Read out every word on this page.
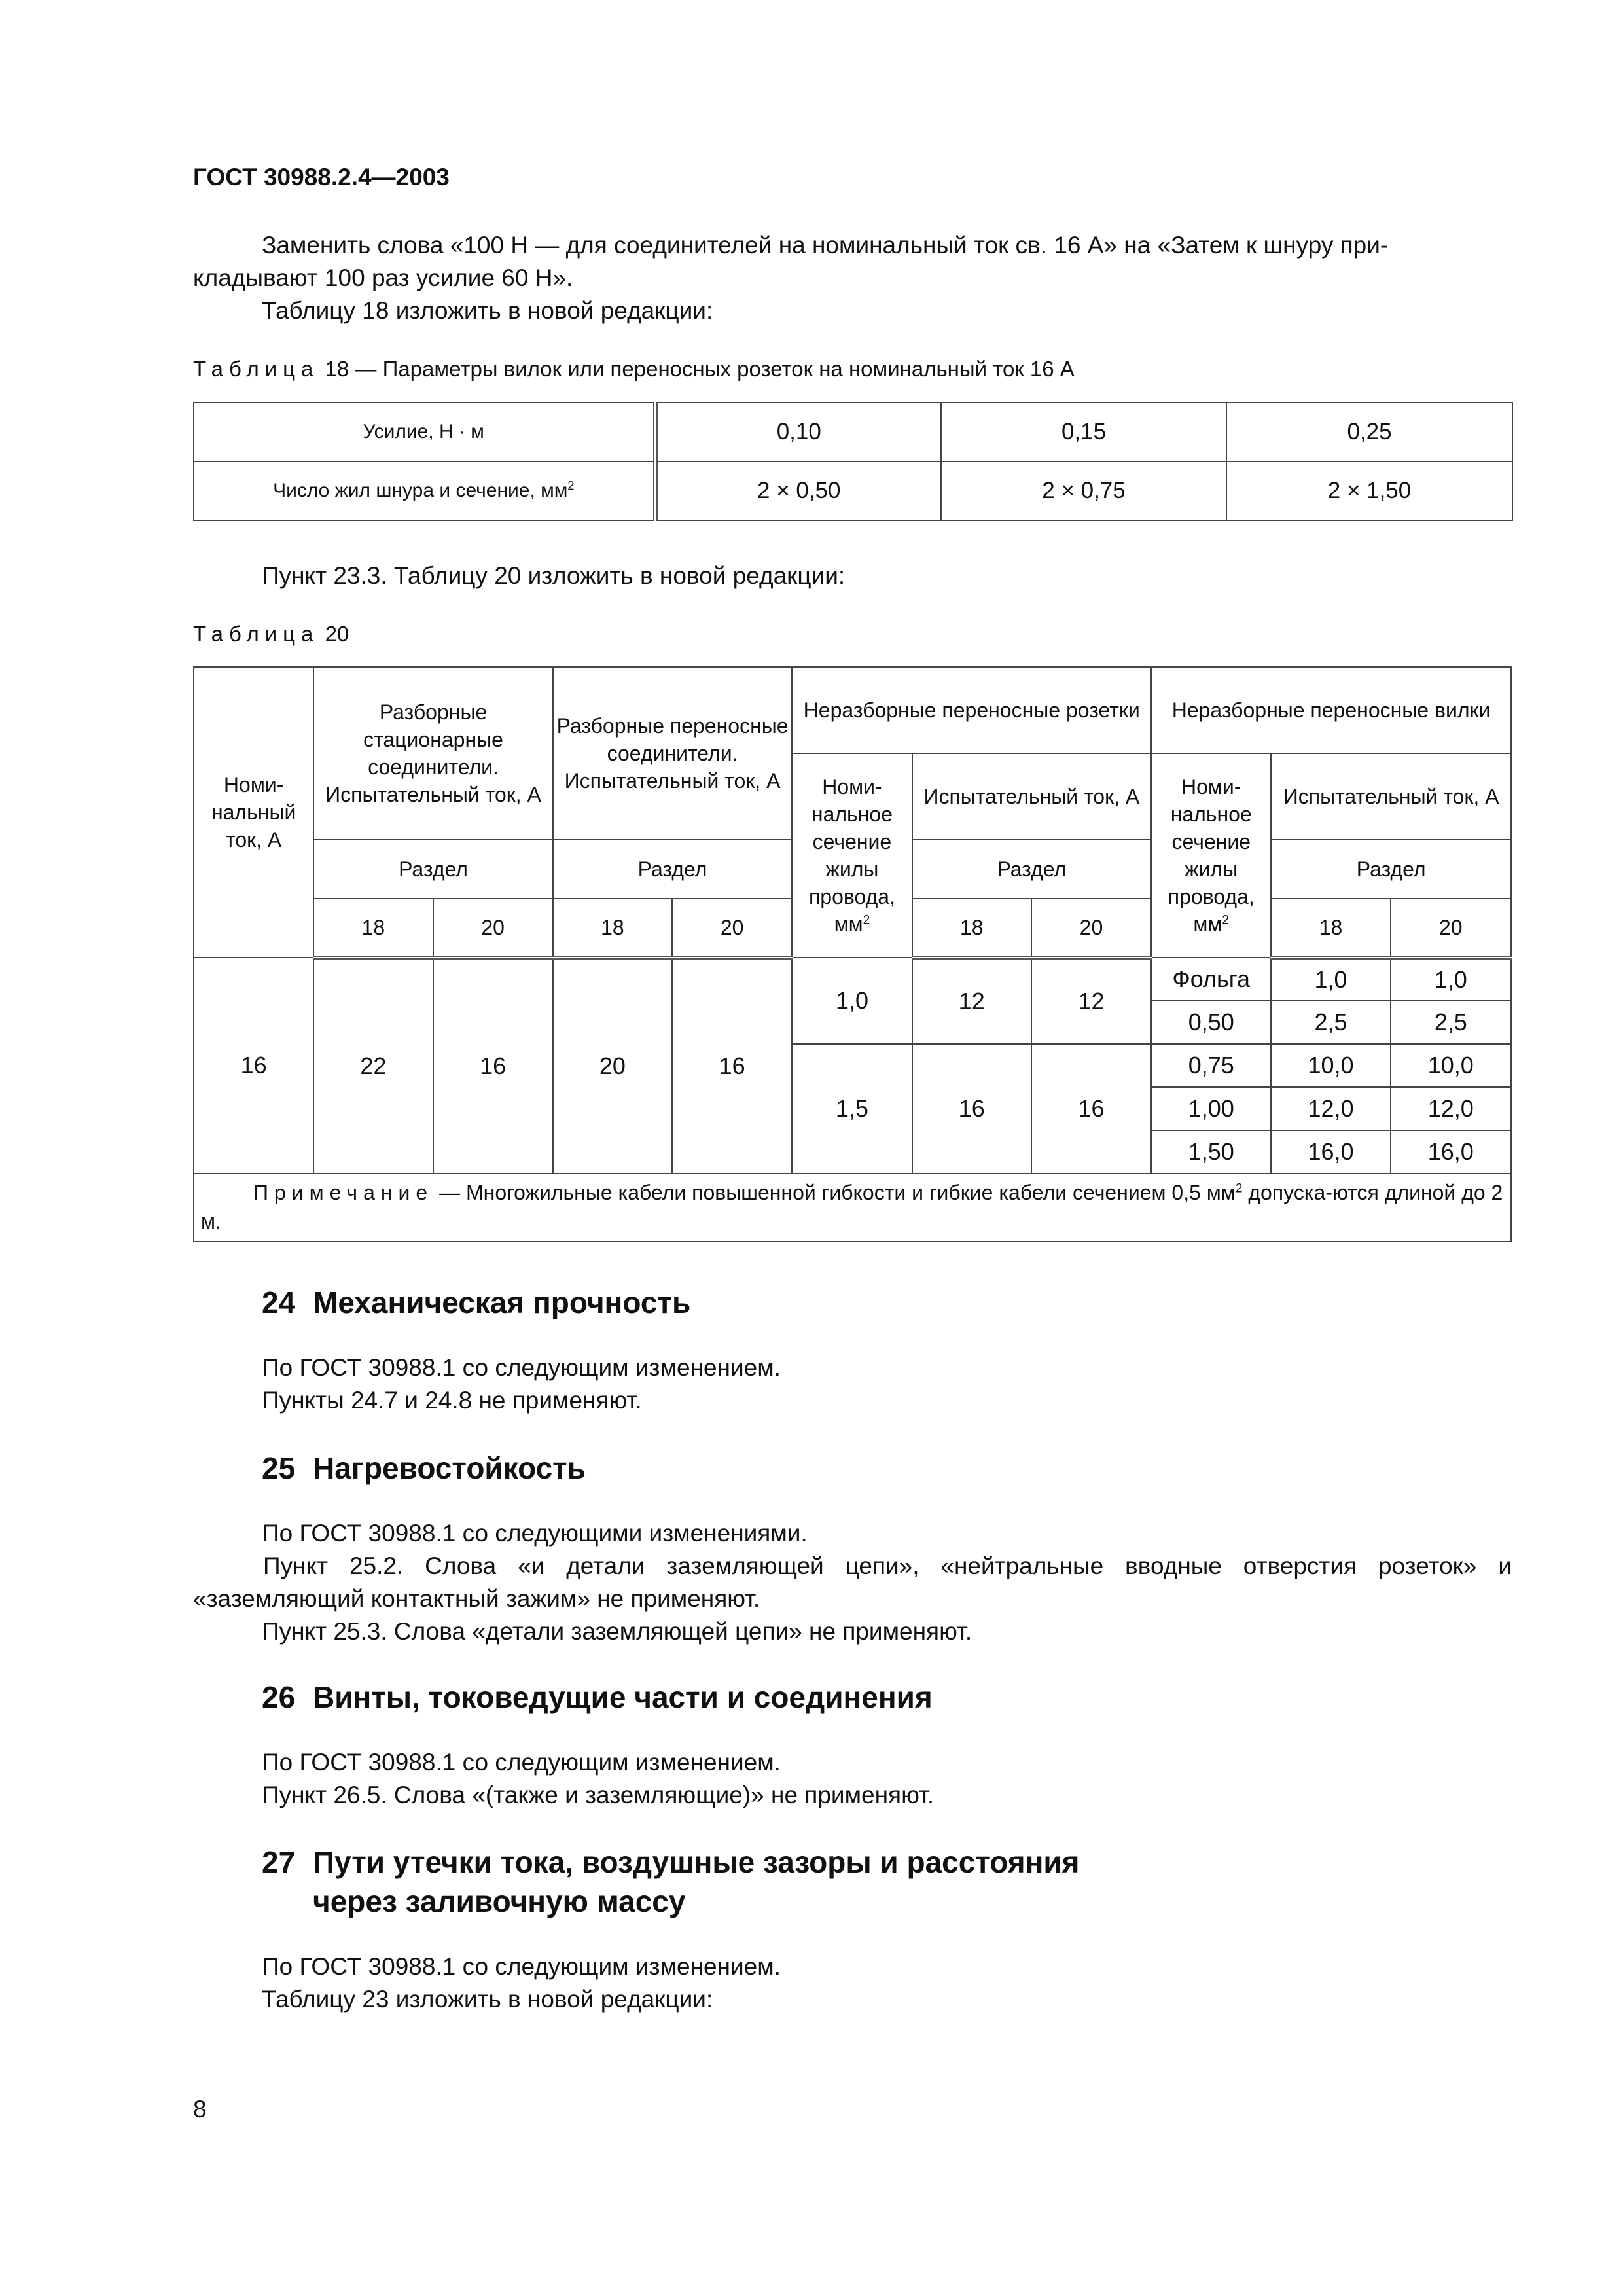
ГОСТ 30988.2.4—2003
Заменить слова «100 Н — для соединителей на номинальный ток св. 16 А» на «Затем к шнуру при-
кладывают 100 раз усилие 60 Н».
Таблицу 18 изложить в новой редакции:
Таблица 18 — Параметры вилок или переносных розеток на номинальный ток 16 А
Усилие, Н · м	0,10	0,15	0,25
Число жил шнура и сечение, $мм^2$	2 × 0,50	2 × 0,75	2 × 1,50
Пункт 23.3. Таблицу 20 изложить в новой редакции:
Таблица 20
Номи-нальный ток, А	Разборные стационарные соединители. Испытательный ток, А		Разборные переносные соединители. Испытательный ток, А		Неразборные переносные розетки			Неразборные переносные вилки		
					Номи-нальное сечение жилы провода, $мм^2$	Испытательный ток, А		Номи-нальное сечение жилы провода, $мм^2$	Испытательный ток, А	
	Раздел		Раздел			Раздел			Раздел	
	18	20	18	20		18	20		18	20
16	22	16	20	16	1,0	12	12	Фольга	1,0	1,0
								0,50	2,5	2,5
					1,5	16	16	0,75	10,0	10,0
								1,00	12,0	12,0
								1,50	16,0	16,0
Примечание — Многожильные кабели повышенной гибкости и гибкие кабели сечением 0,5 $мм^2$ допуска-ются длиной до 2 м.										
24 Механическая прочность
По ГОСТ 30988.1 со следующим изменением.
Пункты 24.7 и 24.8 не применяют.
25 Нагревостойкость
По ГОСТ 30988.1 со следующими изменениями.
Пункт 25.2. Слова «и детали заземляющей цепи», «нейтральные вводные отверстия розеток» и «заземляющий контактный зажим» не применяют.
Пункт 25.3. Слова «детали заземляющей цепи» не применяют.
26 Винты, токоведущие части и соединения
По ГОСТ 30988.1 со следующим изменением.
Пункт 26.5. Слова «(также и заземляющие)» не применяют.
27 Пути утечки тока, воздушные зазоры и расстояния
через заливочную массу
По ГОСТ 30988.1 со следующим изменением.
Таблицу 23 изложить в новой редакции:
8
